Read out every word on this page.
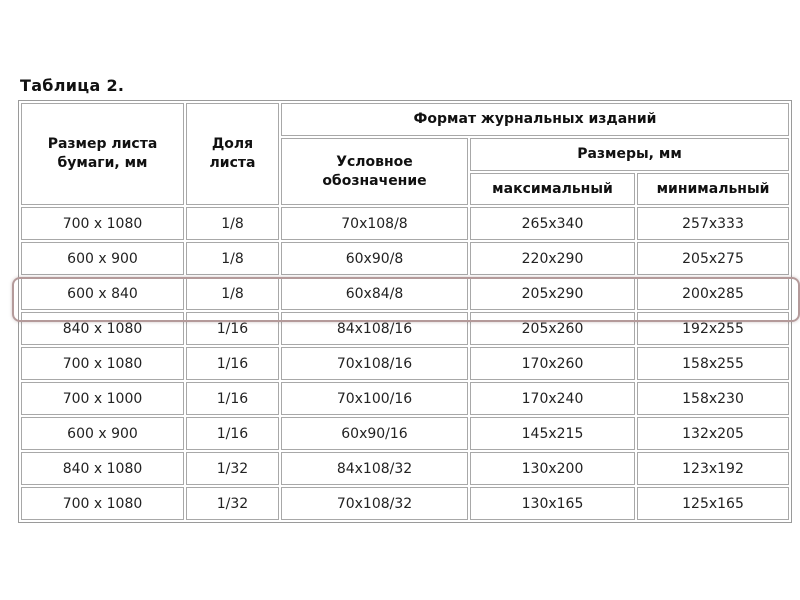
Таблица 2.
Размер листа бумаги, мм	Доля листа	Формат журнальных изданий		
		Условное обозначение	Размеры, мм	
			максимальный	минимальный
700 x 1080	1/8	70x108/8	265x340	257x333
600 x 900	1/8	60x90/8	220x290	205x275
600 x 840	1/8	60x84/8	205x290	200x285
840 x 1080	1/16	84x108/16	205x260	192x255
700 x 1080	1/16	70x108/16	170x260	158x255
700 x 1000	1/16	70x100/16	170x240	158x230
600 x 900	1/16	60x90/16	145x215	132x205
840 x 1080	1/32	84x108/32	130x200	123x192
700 x 1080	1/32	70x108/32	130x165	125x165
